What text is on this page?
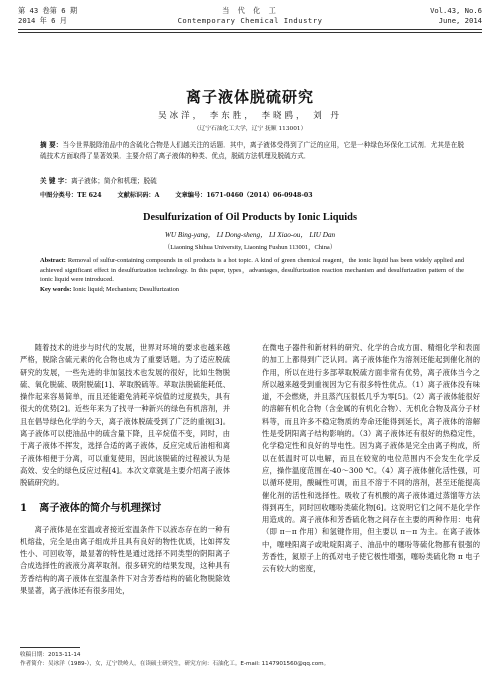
第 43 卷第 6 期
2014 年 6 月
当 代 化 工
Contemporary Chemical Industry
Vol.43, No.6
June, 2014
离子液体脱硫研究
吴冰洋， 李东胜， 李晓鸥， 刘 丹
（辽宁石油化工大学，辽宁 抚顺 113001）
摘 要：当今世界脱除油品中的含硫化合物是人们越关注的话题．其中，离子液体受得到了广泛的应用，它是一种绿色环保化工试剂．尤其是在脱硫技术方面取得了显著效果．主要介绍了离子液体的种类、优点，脱硫方法机理及脱硫方式．
关 键 字：离子液体；简介和机理；脱硫
中图分类号：TE 624	文献标识码：A	文章编号：1671-0460（2014）06-0948-03
Desulfurization of Oil Products by Ionic Liquids
WU Bing-yang， LI Dong-sheng， LI Xiao-ou， LIU Dan
（Liaoning Shihua University, Liaoning Fushun 113001，China）
Abstract: Removal of sulfur-containing compounds in oil products is a hot topic. A kind of green chemical reagent，the ionic liquid has been widely applied and achieved significant effect in desulfurization technology. In this paper, types，advantages, desulfurization reaction mechanism and desulfurization pattern of the ionic liquid were introduced.
Key words: Ionic liquid; Mechanism; Desulfurization

随着技术的进步与时代的发展，世界对环境的要求也越来越严格，脱除含硫元素的化合物也成为了重要话题。为了适应脱硫研究的发展，一些先进的非加氢技术也发展的很好，比如生物脱硫、氧化脱硫、吸附脱硫[1]、萃取脱硫等。萃取法脱硫能耗低、操作起来容易简单，而且还能避免消耗辛烷值的过度损失，具有很大的优势[2]。近些年来为了找寻一种新兴的绿色有机溶剂，并且在倡导绿色化学的今天，离子液体脱硫受到了广泛的重视[3]。离子液体可以使油品中的硫含量下降，且辛烷值不变，同时，由于离子液体不挥发，选择合适的离子液体，反应完成后油相和离子液体相便于分离，可以重复使用，因此该脱硫的过程被认为是高效、安全的绿色反应过程[4]。本次文章就是主要介绍离子液体脱硫研究的。

1 离子液体的简介与机理探讨

离子液体是在室温或者接近室温条件下以液态存在的一种有机熔盐，完全是由离子组成并且具有良好的物性优质，比如挥发性小、可回收等，最显著的特性是通过选择不同类型的阴阳离子合成选择性的液液分离萃取剂。很多研究的结果发现，这种具有芳香结构的离子液体在室温条件下对含芳香结构的硫化物脱除效果显著，离子液体还有很多用处，

在微电子器件和新材料的研究、化学的合成方面、精细化学和表面的加工上都得到广泛认同。离子液体能作为溶剂还能起到催化剂的作用，所以在进行多部萃取脱硫方面非常有优势，离子液体当今之所以越来越受到重视因为它有很多特性优点。（1）离子液体没有味道，不会燃烧，并且蒸汽压很低几乎为零[5]。（2）离子液体能很好的溶解有机化合物（含金属的有机化合物）、无机化合物及高分子材料等，而且许多不稳定物质的寿命还能得到延长，离子液体的溶解性是受阴阳离子结构影响的。（3）离子液体还有很好的热稳定性，化学稳定性和良好的导电性。因为离子液体是完全由离子构成，所以在低温时可以电解，而且在较宽的电位范围内不会发生化学反应，操作温度范围在-40～300 ℃。（4）离子液体催化活性强，可以循环使用，酸碱性可调，而且不溶于不同的溶剂，甚至还能提高催化剂的活性和选择性。吸收了有机酸的离子液体通过蒸馏等方法得到再生，同时回收噻吩类硫化物[6]。这说明它们之间不是化学作用造成的。离子液体和芳香硫化物之间存在主要的两种作用：电荷（即 π－π 作用）和氢键作用，但主要以 π－π 为主。在离子液体中，噻唑阳离子或吡啶阳离子、油品中的噻吩等硫化物都有很强的芳香性，氮原子上的孤对电子使它极性增强，噻吩类硫化物 π 电子云有较大的密度，

收稿日期：2013-11-14
作者简介：吴冰洋（1989-），女，辽宁铁岭人，在读硕士研究生，研究方向：石油化工。E-mail: 1147901560@qq.com。
